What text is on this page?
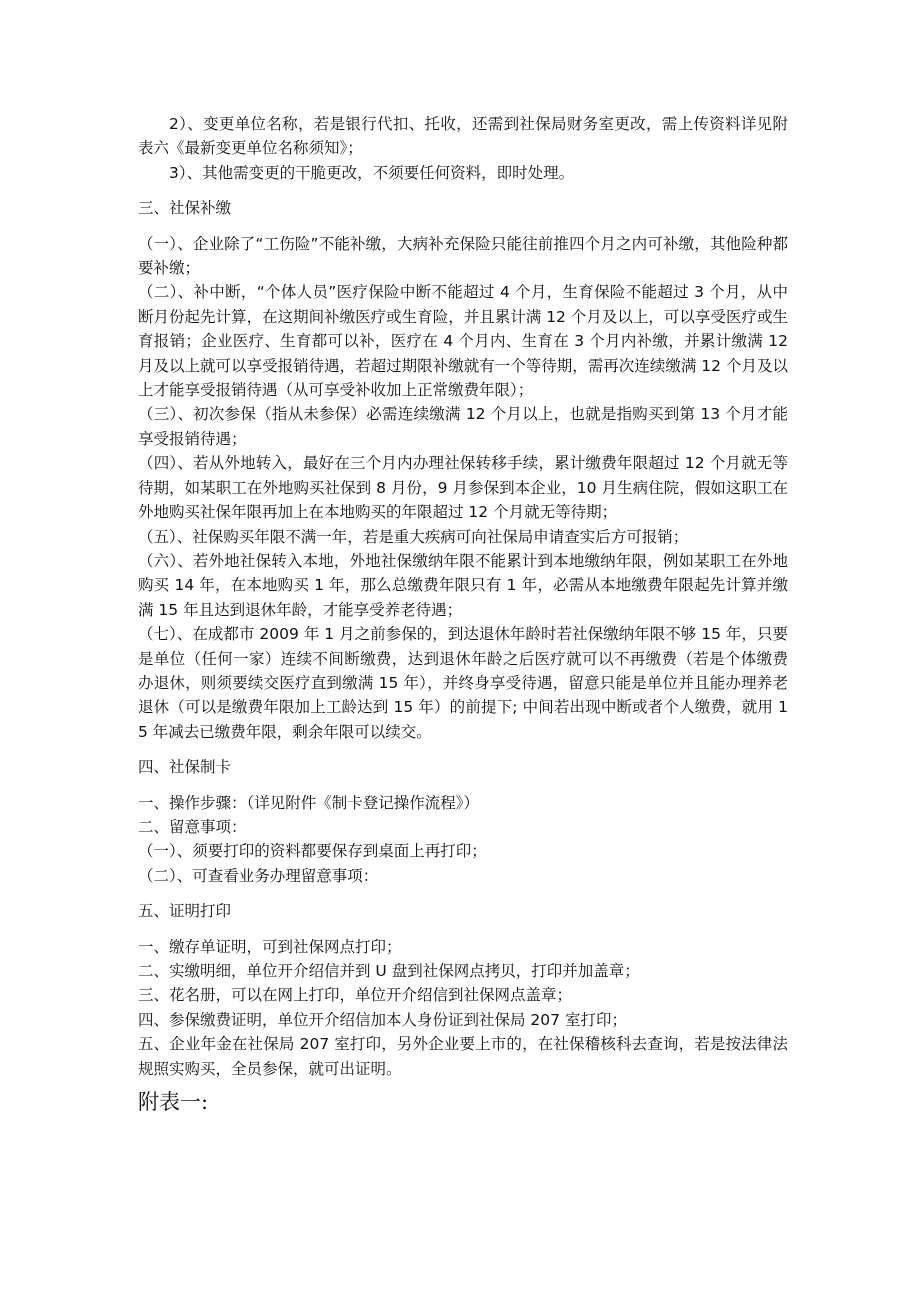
2）、变更单位名称，若是银行代扣、托收，还需到社保局财务室更改，需上传资料详见附表六《最新变更单位名称须知》；

3）、其他需变更的干脆更改，不须要任何资料，即时处理。

三、社保补缴

（一）、企业除了“工伤险”不能补缴，大病补充保险只能往前推四个月之内可补缴，其他险种都要补缴；

（二）、补中断，“个体人员”医疗保险中断不能超过 4 个月，生育保险不能超过 3 个月，从中断月份起先计算，在这期间补缴医疗或生育险，并且累计满 12 个月及以上，可以享受医疗或生育报销；企业医疗、生育都可以补，医疗在 4 个月内、生育在 3 个月内补缴，并累计缴满 12 月及以上就可以享受报销待遇，若超过期限补缴就有一个等待期，需再次连续缴满 12 个月及以上才能享受报销待遇（从可享受补收加上正常缴费年限）；

（三）、初次参保（指从未参保）必需连续缴满 12 个月以上，也就是指购买到第 13 个月才能享受报销待遇；

（四）、若从外地转入，最好在三个月内办理社保转移手续，累计缴费年限超过 12 个月就无等待期，如某职工在外地购买社保到 8 月份，9 月参保到本企业，10 月生病住院，假如这职工在外地购买社保年限再加上在本地购买的年限超过 12 个月就无等待期；

（五）、社保购买年限不满一年，若是重大疾病可向社保局申请查实后方可报销；

（六）、若外地社保转入本地，外地社保缴纳年限不能累计到本地缴纳年限，例如某职工在外地购买 14 年，在本地购买 1 年，那么总缴费年限只有 1 年，必需从本地缴费年限起先计算并缴满 15 年且达到退休年龄，才能享受养老待遇；

（七）、在成都市 2009 年 1 月之前参保的，到达退休年龄时若社保缴纳年限不够 15 年，只要是单位（任何一家）连续不间断缴费，达到退休年龄之后医疗就可以不再缴费（若是个体缴费办退休，则须要续交医疗直到缴满 15 年），并终身享受待遇，留意只能是单位并且能办理养老退休（可以是缴费年限加上工龄达到 15 年）的前提下; 中间若出现中断或者个人缴费，就用 15 年减去已缴费年限，剩余年限可以续交。

四、社保制卡

一、操作步骤：（详见附件《制卡登记操作流程》）

二、留意事项：

（一）、须要打印的资料都要保存到桌面上再打印；

（二）、可查看业务办理留意事项：

五、证明打印

一、缴存单证明，可到社保网点打印；

二、实缴明细，单位开介绍信并到 U 盘到社保网点拷贝，打印并加盖章；

三、花名册，可以在网上打印，单位开介绍信到社保网点盖章；

四、参保缴费证明，单位开介绍信加本人身份证到社保局 207 室打印；

五、企业年金在社保局 207 室打印，另外企业要上市的，在社保稽核科去查询，若是按法律法规照实购买，全员参保，就可出证明。

附表一:
